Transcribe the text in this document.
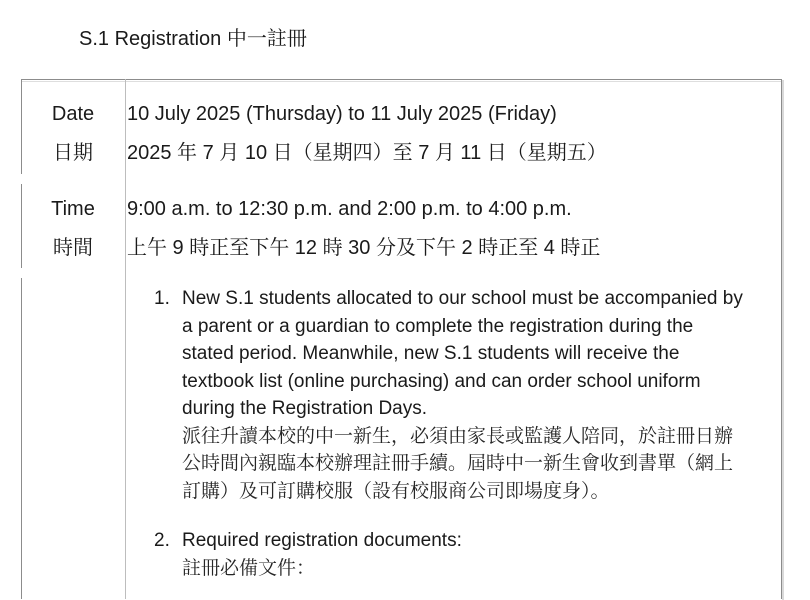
S.1 Registration 中一註冊
Date
日期
10 July 2025 (Thursday) to 11 July 2025 (Friday)
2025 年 7 月 10 日（星期四）至 7 月 11 日（星期五）
Time
時間
9:00 a.m. to 12:30 p.m. and 2:00 p.m. to 4:00 p.m.
上午 9 時正至下午 12 時 30 分及下午 2 時正至 4 時正
1. New S.1 students allocated to our school must be accompanied by
a parent or a guardian to complete the registration during the
stated period. Meanwhile, new S.1 students will receive the
textbook list (online purchasing) and can order school uniform
during the Registration Days.
派往升讀本校的中一新生，必須由家長或監護人陪同，於註冊日辦
公時間內親臨本校辦理註冊手續。屆時中一新生會收到書單（網上
訂購）及可訂購校服（設有校服商公司即場度身）。
2. Required registration documents:
註冊必備文件：
